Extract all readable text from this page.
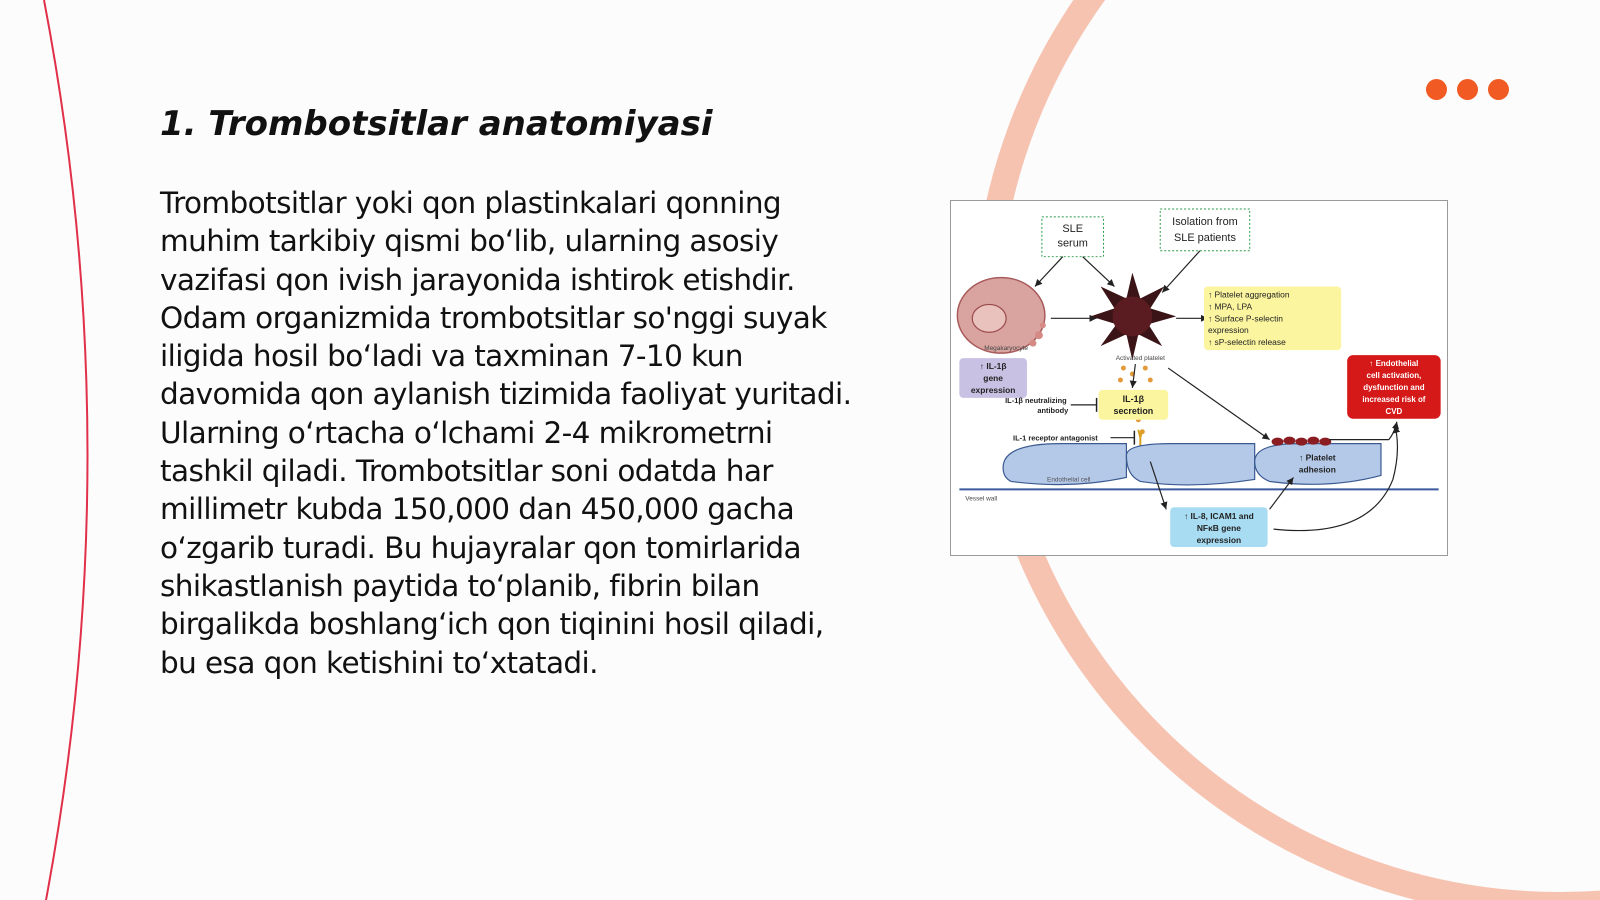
1. Trombotsitlar anatomiyasi

Trombotsitlar yoki qon plastinkalari qonning muhim tarkibiy qismi bo‘lib, ularning asosiy vazifasi qon ivish jarayonida ishtirok etishdir. Odam organizmida trombotsitlar so'nggi suyak iligida hosil bo‘ladi va taxminan 7-10 kun davomida qon aylanish tizimida faoliyat yuritadi. Ularning o‘rtacha o‘lchami 2-4 mikrometrni tashkil qiladi. Trombotsitlar soni odatda har millimetr kubda 150,000 dan 450,000 gacha o‘zgarib turadi. Bu hujayralar qon tomirlarida shikastlanish paytida to‘planib, fibrin bilan birgalikda boshlang‘ich qon tiqinini hosil qiladi, bu esa qon ketishini to‘xtatadi.

SLE
serum
Isolation from
SLE patients
Megakaryocyte
Activated platelet
↑ Platelet aggregation
↑ MPA, LPA
↑ Surface P-selectin
expression
↑ sP-selectin release
↑ Endothelial
cell activation,
dysfunction and
increased risk of
CVD
↑ IL-1β
gene
expression
IL-1β
secretion
IL-1β neutralizing
antibody
IL-1 receptor antagonist
Endothelial cell
↑ Platelet
adhesion
Vessel wall
↑ IL-8, ICAM1 and
NFκB gene
expression
